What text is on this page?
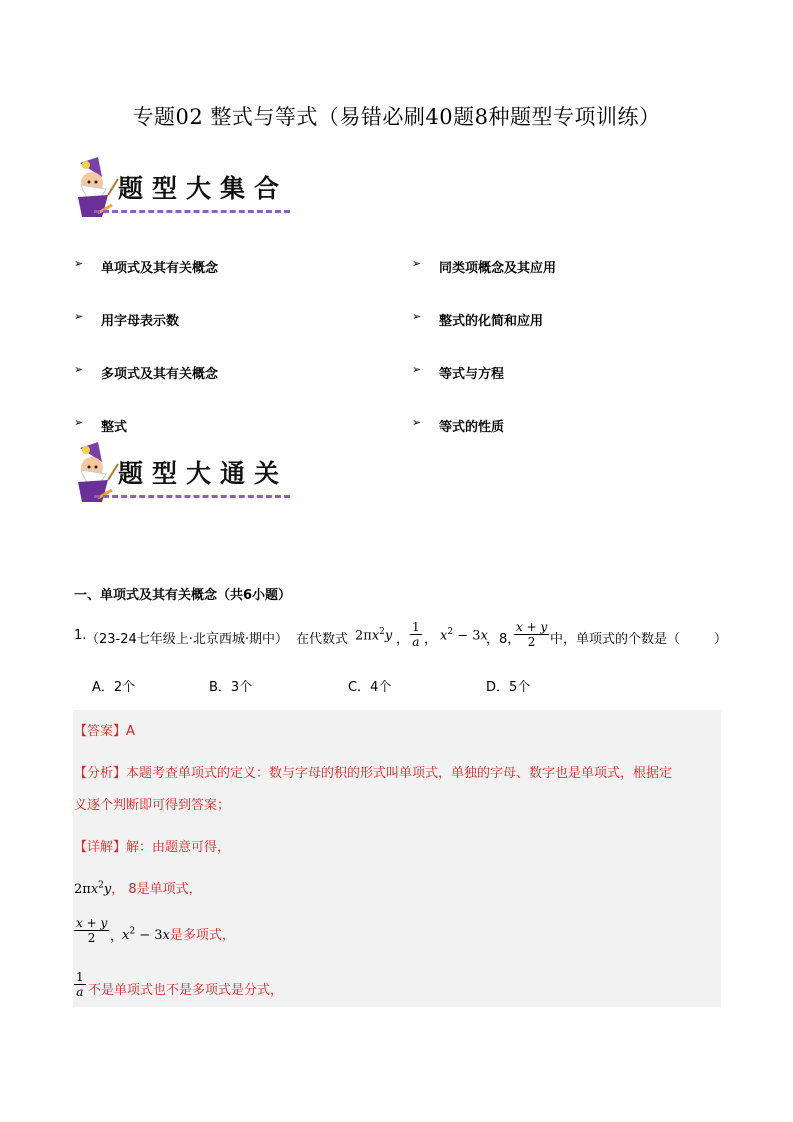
专题02 整式与等式（易错必刷40题8种题型专项训练）
题型大集合
➢ 单项式及其有关概念
➢ 用字母表示数
➢ 多项式及其有关概念
➢ 整式
➢ 同类项概念及其应用
➢ 整式的化简和应用
➢ 等式与方程
➢ 等式的性质
题型大通关
一、单项式及其有关概念（共6小题）
1. （23-24七年级上·北京西城·期中） 在代数式 $2\pi x^2y$ ， $\frac{1}{a}$ ， $x^2 - 3x$
，8，
$\frac{x + y}{2}$ 中，单项式的个数是（	）
A．2个	B．3个	C．4个	D．5个
【答案】A
【分析】本题考查单项式的定义：数与字母的积的形式叫单项式，单独的字母、数字也是单项式，根据定
义逐个判断即可得到答案；
【详解】解：由题意可得，
$2\pi x^2y$， 8是单项式，
$\frac{x + y}{2}$ ，
$x^2 - 3x$是多项式，
$\frac{1}{a}$ 不是单项式也不是多项式是分式，
